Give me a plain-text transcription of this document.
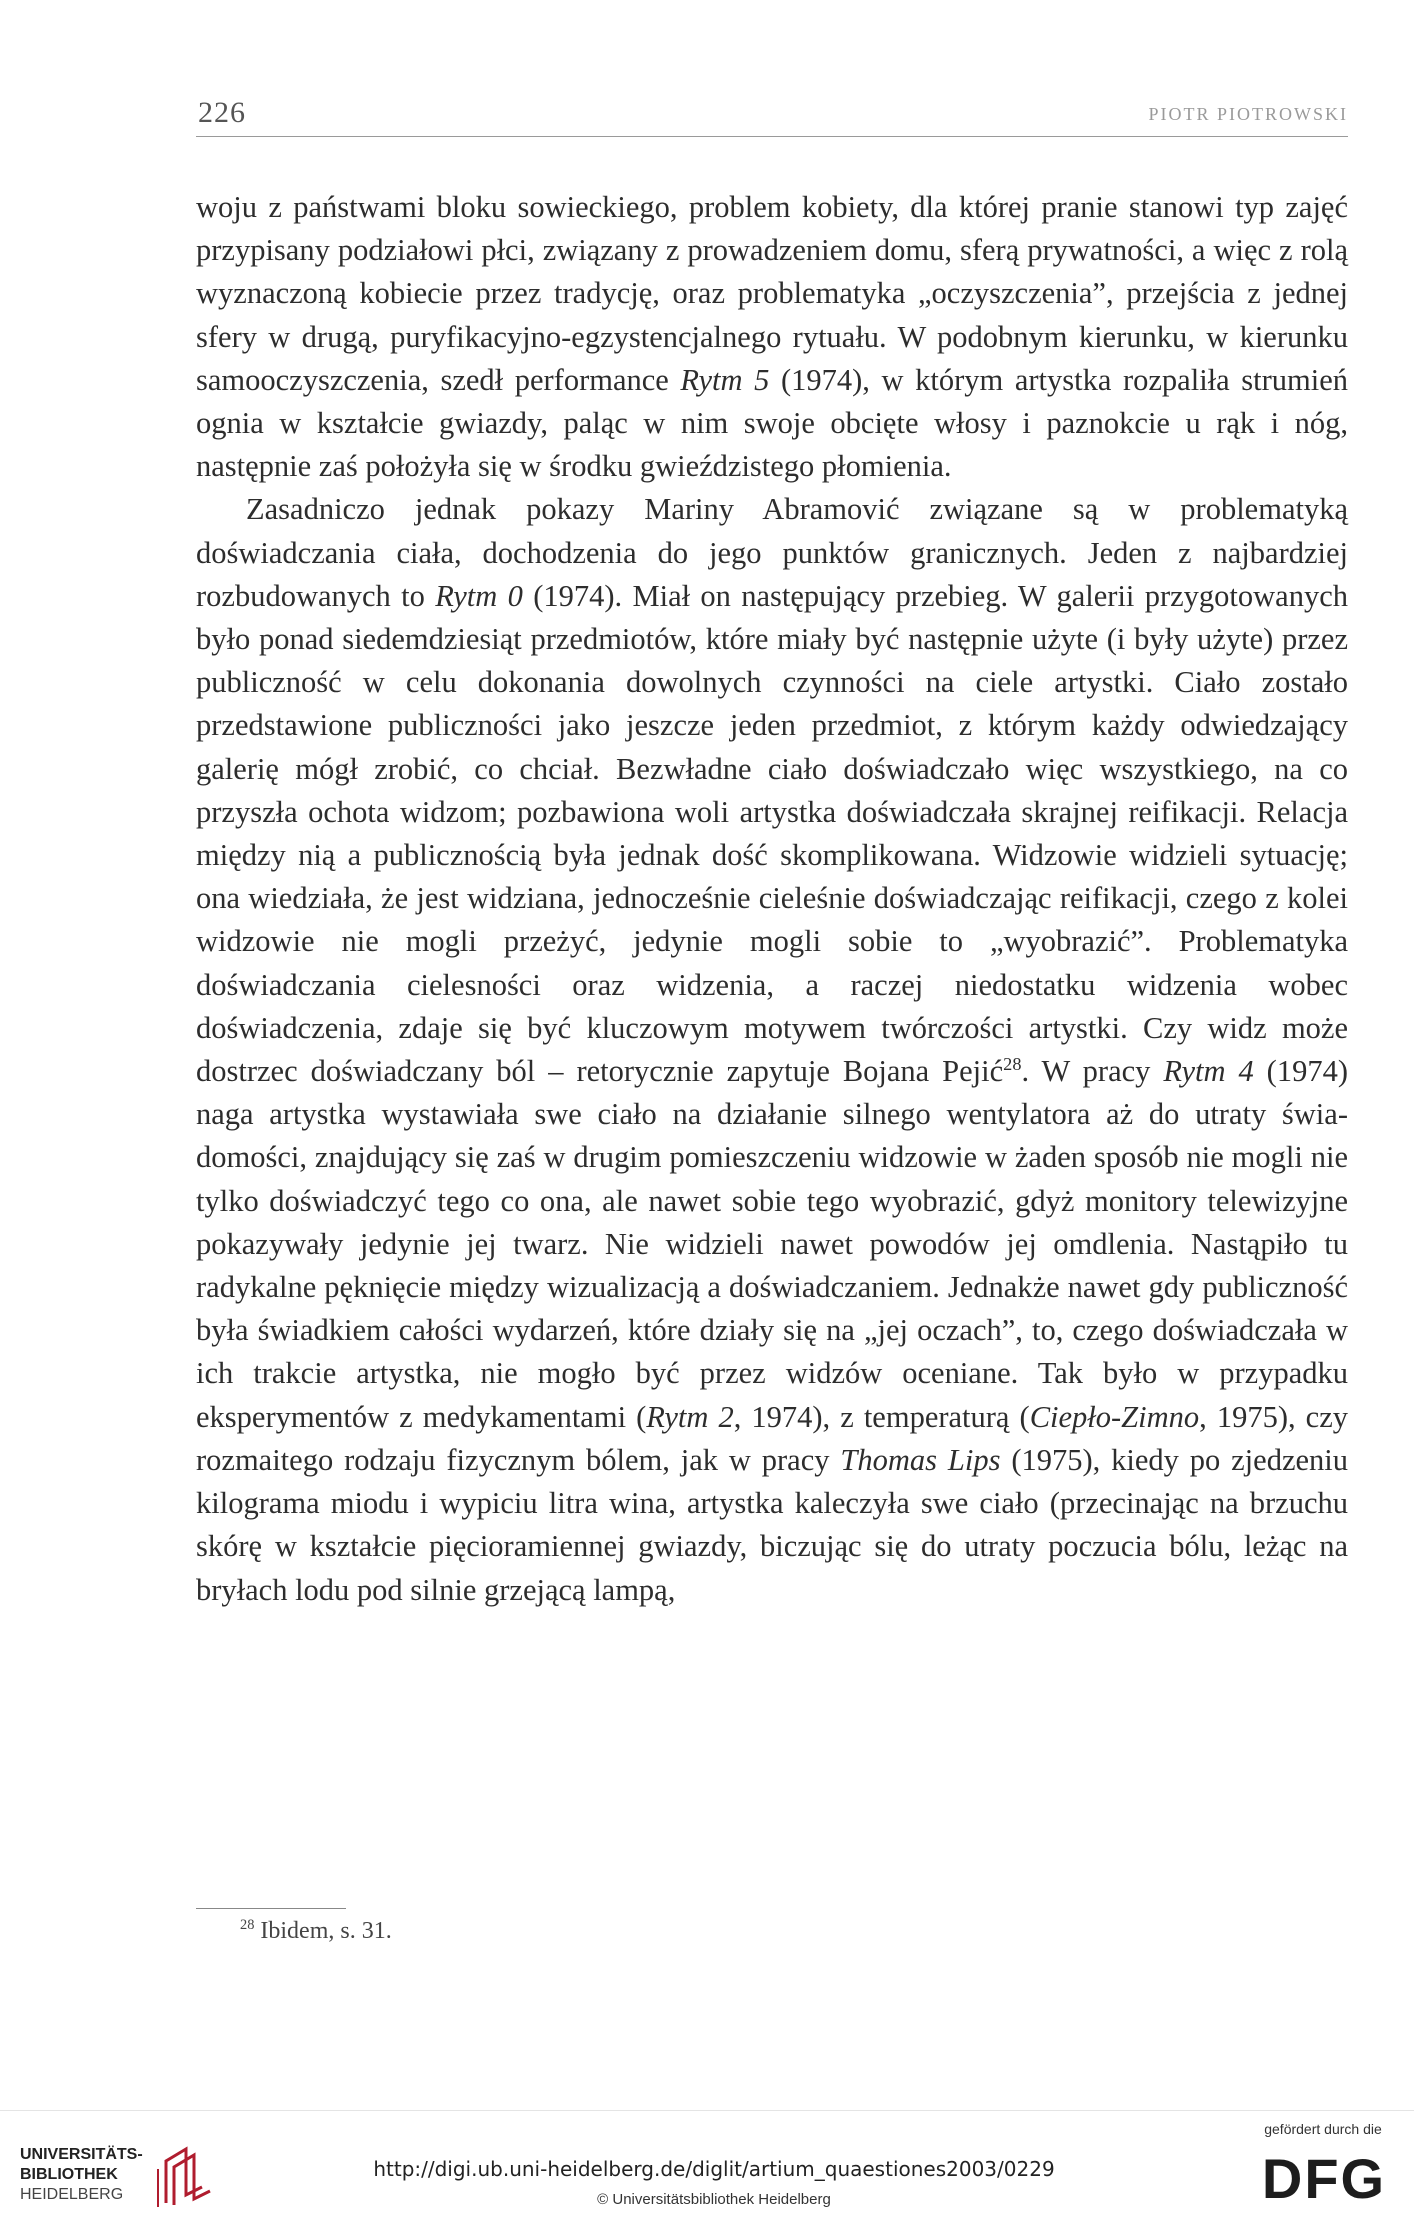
226	PIOTR PIOTROWSKI

woju z państwami bloku sowieckiego, problem kobiety, dla której pranie stanowi typ zajęć przypisany podziałowi płci, związany z prowadzeniem domu, sferą prywatności, a więc z rolą wyznaczoną kobiecie przez tradycję, oraz problematyka „oczyszczenia”, przejścia z jednej sfery w drugą, puryfikacyjno-egzystencjalnego rytuału. W podobnym kierunku, w kierunku samooczyszczenia, szedł performance Rytm 5 (1974), w którym artystka rozpaliła strumień ognia w kształcie gwiazdy, paląc w nim swoje obcięte włosy i paznokcie u rąk i nóg, następnie zaś położyła się w środku gwieździstego płomienia.

Zasadniczo jednak pokazy Mariny Abramović związane są w problematyką doświadczania ciała, dochodzenia do jego punktów granicznych. Jeden z najbardziej rozbudowanych to Rytm 0 (1974). Miał on następujący przebieg. W galerii przygotowanych było ponad siedemdziesiąt przedmiotów, które miały być następnie użyte (i były użyte) przez publiczność w celu dokonania dowolnych czynności na ciele artystki. Ciało zostało przedstawione publiczności jako jeszcze jeden przedmiot, z którym każdy odwiedzający galerię mógł zrobić, co chciał. Bezwładne ciało doświadczało więc wszystkiego, na co przyszła ochota widzom; pozbawiona woli artystka doświadczała skrajnej reifikacji. Relacja między nią a publicznością była jednak dość skomplikowana. Widzowie widzieli sytuację; ona wiedziała, że jest widziana, jednocześnie cieleśnie doświadczając reifikacji, czego z kolei widzowie nie mogli przeżyć, jedynie mogli sobie to „wyobrazić”. Problematyka doświadczania cielesności oraz widzenia, a raczej niedostatku widzenia wobec doświadczenia, zdaje się być kluczowym motywem twórczości artystki. Czy widz może dostrzec doświadczany ból – retorycznie zapytuje Bojana Pejić$^{28}$. W pracy Rytm 4 (1974) naga artystka wystawiała swe ciało na działanie silnego wentylatora aż do utraty świadomości, znajdujący się zaś w drugim pomieszczeniu widzowie w żaden sposób nie mogli nie tylko doświadczyć tego co ona, ale nawet sobie tego wyobrazić, gdyż monitory telewizyjne pokazywały jedynie jej twarz. Nie widzieli nawet powodów jej omdlenia. Nastąpiło tu radykalne pęknięcie między wizualizacją a doświadczaniem. Jednakże nawet gdy publiczność była świadkiem całości wydarzeń, które działy się na „jej oczach”, to, czego doświadczała w ich trakcie artystka, nie mogło być przez widzów oceniane. Tak było w przypadku eksperymentów z medykamentami (Rytm 2, 1974), z temperaturą (Ciepło-Zimno, 1975), czy rozmaitego rodzaju fizycznym bólem, jak w pracy Thomas Lips (1975), kiedy po zjedzeniu kilograma miodu i wypiciu litra wina, artystka kaleczyła swe ciało (przecinając na brzuchu skórę w kształcie pięcioramiennej gwiazdy, biczując się do utraty poczucia bólu, leżąc na bryłach lodu pod silnie grzejącą lampą,

$^{28}$ Ibidem, s. 31.
UNIVERSITÄTS-
BIBLIOTHEK
HEIDELBERG
http://digi.ub.uni-heidelberg.de/diglit/artium_quaestiones2003/0229
© Universitätsbibliothek Heidelberg
gefördert durch die
DFG
